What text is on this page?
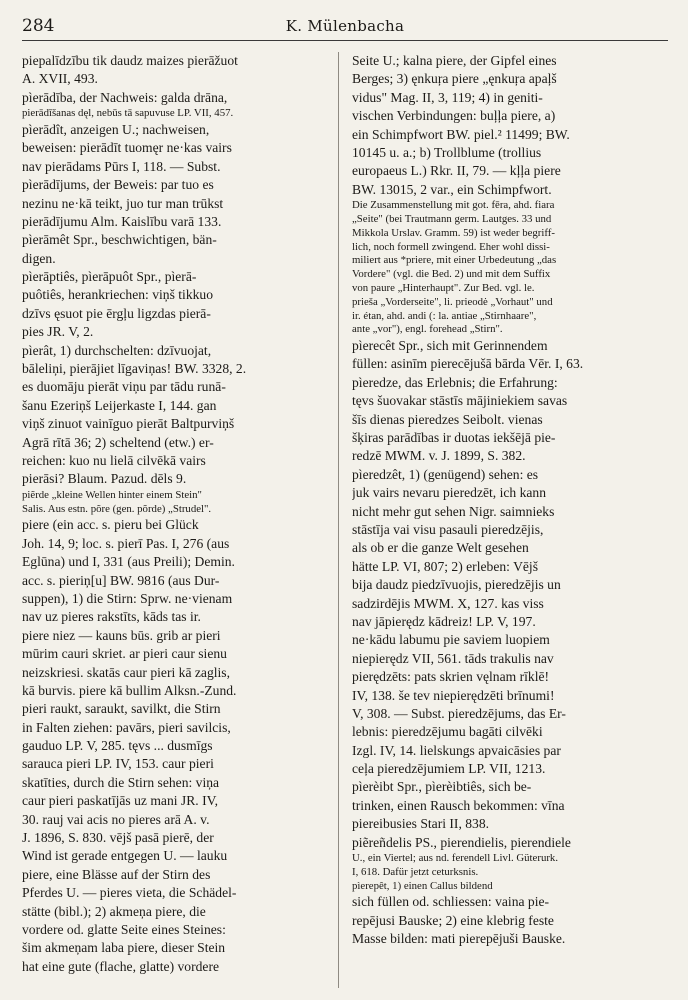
284	K. Mülenbacha
piepalīdzību tik daudz maizes pierāžuot
A. XVII, 493.
pìerādība, der Nachweis: galda drāna,
pierādīšanas dęl, nebūs tā sapuvuse LP. VII, 457.
pìerādît, anzeigen U.; nachweisen,
beweisen: pierādīt tuomęr ne·kas vairs
nav pierādams Pūrs I, 118. — Subst.
pìerādījums, der Beweis: par tuo es
nezinu ne·kā teikt, juo tur man trūkst
pierādījumu Alm. Kaislību varā 133.
pìerāmêt Spr., beschwichtigen, bän-
digen.
pìerāptiês, pìerāpuôt Spr., pìerā-
puôtiês, herankriechen: viņš tikkuo
dzīvs ęsuot pie ērgļu ligzdas pierā-
pies JR. V, 2.
pìerât, 1) durchschelten: dzīvuojat,
bāleliņi, pierājiet līgaviņas! BW. 3328, 2.
es duomāju pierāt viņu par tādu runā-
šanu Ezeriņš Leijerkaste I, 144. gan
viņš zinuot vainīguo pierāt Baltpurviņš
Agrā rītā 36; 2) scheltend (etw.) er-
reichen: kuo nu lielā cilvēkā vairs
pierāsi? Blaum. Pazud. dēls 9.
piẽrde „kleine Wellen hinter einem Stein"
Salis. Aus estn. põre (gen. põrde) „Strudel".
piere (ein acc. s. pieru bei Glück
Joh. 14, 9; loc. s. pierī Pas. I, 276 (aus
Eglūna) und I, 331 (aus Preili); Demin.
acc. s. pieriņ[u] BW. 9816 (aus Dur-
suppen), 1) die Stirn: Sprw. ne·vienam
nav uz pieres rakstīts, kāds tas ir.
piere niez — kauns būs. grib ar pieri
mūrim cauri skriet. ar pieri caur sienu
neizskriesi. skatās caur pieri kā zaglis,
kā burvis. piere kā bullim Alksn.-Zund.
pieri raukt, saraukt, savilkt, die Stirn
in Falten ziehen: pavārs, pieri savilcis,
gauduo LP. V, 285. tęvs ... dusmīgs
sarauca pieri LP. IV, 153. caur pieri
skatīties, durch die Stirn sehen: viņa
caur pieri paskatījās uz mani JR. IV,
30. rauj vai acis no pieres arā A. v.
J. 1896, S. 830. vējš pasā pierē, der
Wind ist gerade entgegen U. — lauku
piere, eine Blässe auf der Stirn des
Pferdes U. — pieres vieta, die Schädel-
stätte (bibl.); 2) akmeņa piere, die
vordere od. glatte Seite eines Steines:
šim akmeņam laba piere, dieser Stein
hat eine gute (flache, glatte) vordere
Seite U.; kalna piere, der Gipfel eines
Berges; 3) ęnkuŗa piere „ęnkuŗa apaļš
vidus" Mag. II, 3, 119; 4) in geniti-
vischen Verbindungen: buļļa piere, a)
ein Schimpfwort BW. piel.² 11499; BW.
10145 u. a.; b) Trollblume (trollius
europaeus L.) Rkr. II, 79. — kļļa piere
BW. 13015, 2 var., ein Schimpfwort.
Die Zusammenstellung mit got. fēra, ahd. fiara
„Seite" (bei Trautmann germ. Lautges. 33 und
Mikkola Urslav. Gramm. 59) ist weder begriff-
lich, noch formell zwingend. Eher wohl dissi-
miliert aus *priere, mit einer Urbedeutung „das
Vordere" (vgl. die Bed. 2) und mit dem Suffix
von paure „Hinterhaupt". Zur Bed. vgl. le.
prieša „Vorderseite", li. prieodė „Vorhaut" und
ir. étan, ahd. andi (: la. antiae „Stirnhaare",
ante „vor"), engl. forehead „Stirn".
pìerecêt Spr., sich mit Gerinnendem
füllen: asinīm pierecējušā bārda Vēr. I, 63.
pìeredze, das Erlebnis; die Erfahrung:
tęvs šuovakar stāstīs mājiniekiem savas
šīs dienas pieredzes Seibolt. vienas
šķiras parādības ir duotas iekšējā pie-
redzē MWM. v. J. 1899, S. 382.
pìeredzêt, 1) (genügend) sehen: es
juk vairs nevaru pieredzēt, ich kann
nicht mehr gut sehen Nigr. saimnieks
stāstīja vai visu pasauli pieredzējis,
als ob er die ganze Welt gesehen
hätte LP. VI, 807; 2) erleben: Vējš
bija daudz piedzīvuojis, pieredzējis un
sadzirdējis MWM. X, 127. kas viss
nav jāpierędz kādreiz! LP. V, 197.
ne·kādu labumu pie saviem luopiem
niepierędz VII, 561. tāds trakulis nav
pierędzēts: pats skrien vęlnam rīklē!
IV, 138. še tev niepierędzēti brīnumi!
V, 308. — Subst. pieredzējums, das Er-
lebnis: pieredzējumu bagāti cilvēki
Izgl. IV, 14. lielskungs apvaicāsies par
ceļa pieredzējumiem LP. VII, 1213.
pìerèibt Spr., pìerèibtiês, sich be-
trinken, einen Rausch bekommen: vīna
piereibusies Stari II, 838.
piẽreñdelis PS., pierendielis, pierendiele
U., ein Viertel; aus nd. ferendell Livl. Güterurk.
I, 618. Dafür jetzt ceturksnis.
pìerepêt, 1) einen Callus bildend
sich füllen od. schliessen: vaina pie-
repējusi Bauske; 2) eine klebrig feste
Masse bilden: mati pierepējuši Bauske.
